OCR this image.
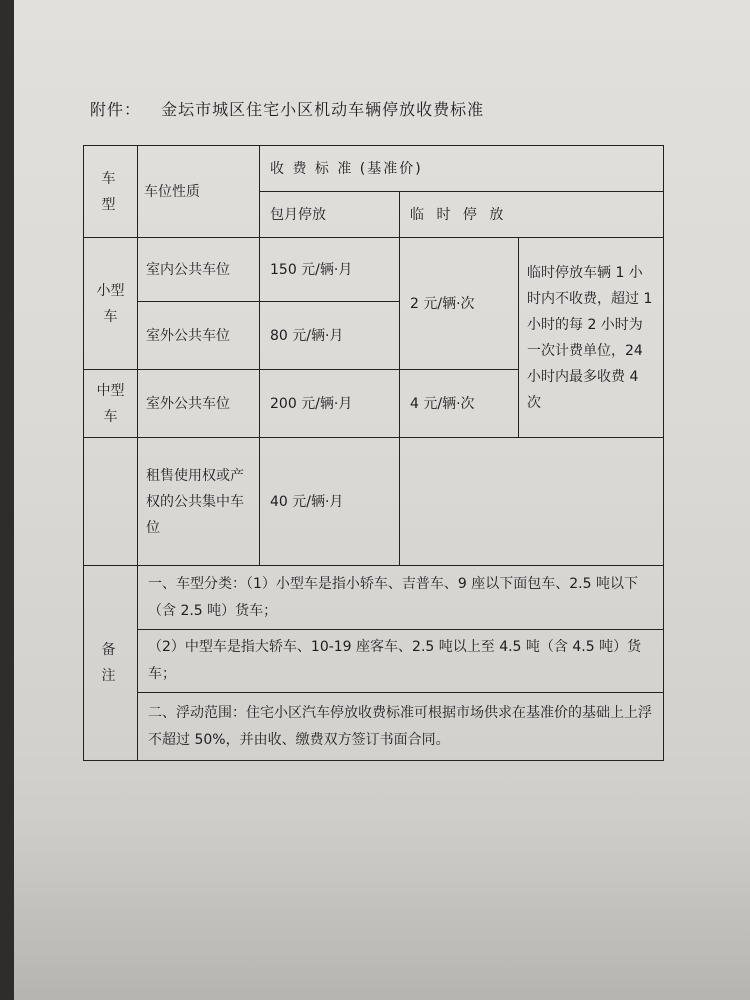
附件： 金坛市城区住宅小区机动车辆停放收费标准
车 型	车位性质	收 费 标 准 (基准价)		
		包月停放	临 时 停 放	
小型车	室内公共车位	150 元/辆·月	2 元/辆·次	临时停放车辆 1 小时内不收费，超过 1 小时的每 2 小时为一次计费单位，24 小时内最多收费 4 次
	室外公共车位	80 元/辆·月		
中型车	室外公共车位	200 元/辆·月	4 元/辆·次	
	租售使用权或产权的公共集中车位	40 元/辆·月		
备 注	一、车型分类：（1）小型车是指小轿车、吉普车、9 座以下面包车、2.5 吨以下（含 2.5 吨）货车；			
	（2）中型车是指大轿车、10-19 座客车、2.5 吨以上至 4.5 吨（含 4.5 吨）货车；			
	二、浮动范围：住宅小区汽车停放收费标准可根据市场供求在基准价的基础上上浮不超过 50%，并由收、缴费双方签订书面合同。			
